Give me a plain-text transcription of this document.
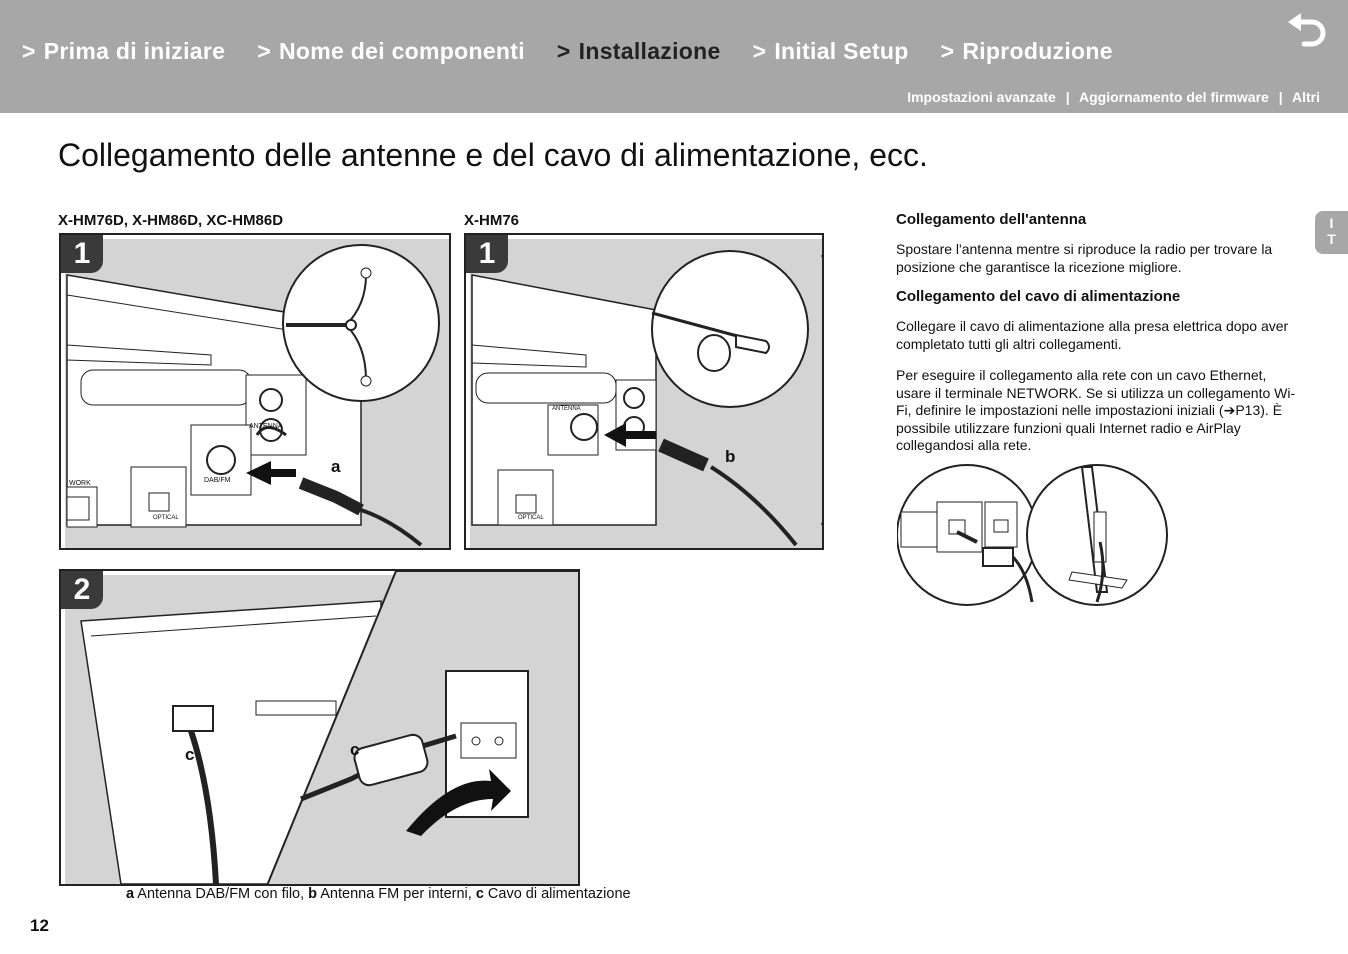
> Prima di iniziare > Nome dei componenti > Installazione > Initial Setup > Riproduzione
Impostazioni avanzate | Aggiornamento del firmware | Altri
Collegamento delle antenne e del cavo di alimentazione, ecc.
X-HM76D, X-HM86D, XC-HM86D	X-HM76
1
a
ANTENNA
DAB/FM
OPTICAL
WORK
1
b
ANTENNA
OPTICAL
2
c	c
a Antenna DAB/FM con filo, b Antenna FM per interni, c Cavo di alimentazione
Collegamento dell'antenna
Spostare l'antenna mentre si riproduce la radio per trovare la posizione che garantisce la ricezione migliore.
Collegamento del cavo di alimentazione
Collegare il cavo di alimentazione alla presa elettrica dopo aver completato tutti gli altri collegamenti.
Per eseguire il collegamento alla rete con un cavo Ethernet, usare il terminale NETWORK. Se si utilizza un collegamento Wi-Fi, definire le impostazioni nelle impostazioni iniziali (➔P13). È possibile utilizzare funzioni quali Internet radio e AirPlay collegandosi alla rete.
I
T
12
